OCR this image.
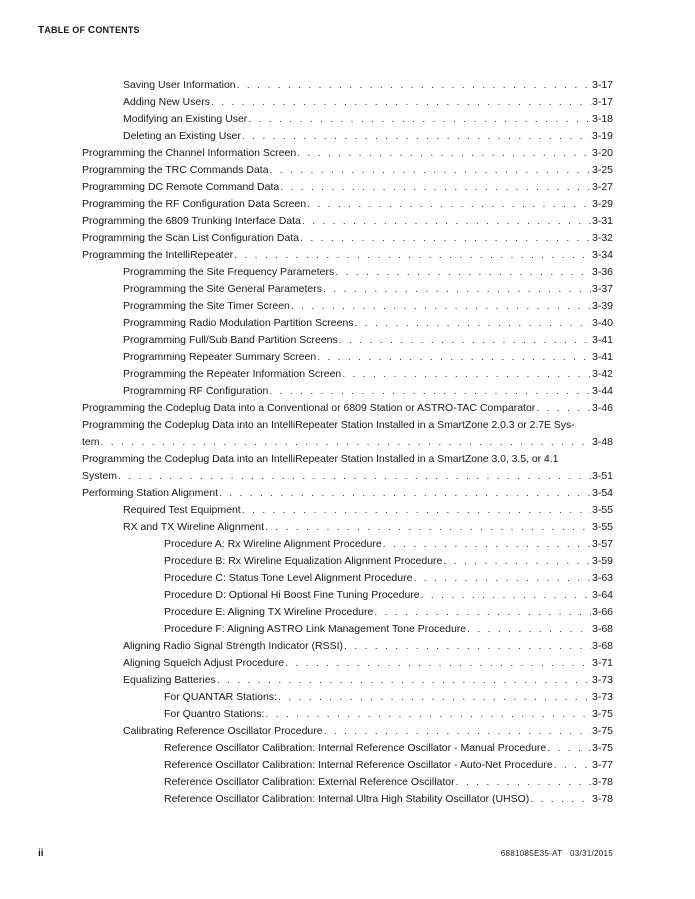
TABLE OF CONTENTS
Saving User Information . . .	3-17
Adding New Users . . .	3-17
Modifying an Existing User . . .	3-18
Deleting an Existing User . . .	3-19
Programming the Channel Information Screen . . .	3-20
Programming the TRC Commands Data . . .	3-25
Programming DC Remote Command Data . . .	3-27
Programming the RF Configuration Data Screen . . .	3-29
Programming the 6809 Trunking Interface Data . . .	3-31
Programming the Scan List Configuration Data . . .	3-32
Programming the IntelliRepeater . . .	3-34
Programming the Site Frequency Parameters . . .	3-36
Programming the Site General Parameters . . .	3-37
Programming the Site Timer Screen . . .	3-39
Programming Radio Modulation Partition Screens . . .	3-40
Programming Full/Sub Band Partition Screens . . .	3-41
Programming Repeater Summary Screen . . .	3-41
Programming the Repeater Information Screen . . .	3-42
Programming RF Configuration . . .	3-44
Programming the Codeplug Data into a Conventional or 6809 Station or ASTRO-TAC Comparator . . .	3-46
Programming the Codeplug Data into an IntelliRepeater Station Installed in a SmartZone 2.0.3 or 2.7E Sys-
tem . . .	3-48
Programming the Codeplug Data into an IntelliRepeater Station Installed in a SmartZone 3.0, 3.5, or 4.1
System . . .	3-51
Performing Station Alignment . . .	3-54
Required Test Equipment . . .	3-55
RX and TX Wireline Alignment . . .	3-55
Procedure A: Rx Wireline Alignment Procedure . . .	3-57
Procedure B: Rx Wireline Equalization Alignment Procedure . . .	3-59
Procedure C: Status Tone Level Alignment Procedure . . .	3-63
Procedure D: Optional Hi Boost Fine Tuning Procedure . . .	3-64
Procedure E: Aligning TX Wireline Procedure . . .	3-66
Procedure F: Aligning ASTRO Link Management Tone Procedure . . .	3-68
Aligning Radio Signal Strength Indicator (RSSI) . . .	3-68
Aligning Squelch Adjust Procedure . . .	3-71
Equalizing Batteries . . .	3-73
For QUANTAR Stations: . . .	3-73
For Quantro Stations: . . .	3-75
Calibrating Reference Oscillator Procedure . . .	3-75
Reference Oscillator Calibration: Internal Reference Oscillator - Manual Procedure . . .	3-75
Reference Oscillator Calibration: Internal Reference Oscillator - Auto-Net Procedure . . .	3-77
Reference Oscillator Calibration: External Reference Oscillator . . .	3-78
Reference Oscillator Calibration: Internal Ultra High Stability Oscillator (UHSO) . . .	3-78
ii	6881085E35-AT 03/31/2015
